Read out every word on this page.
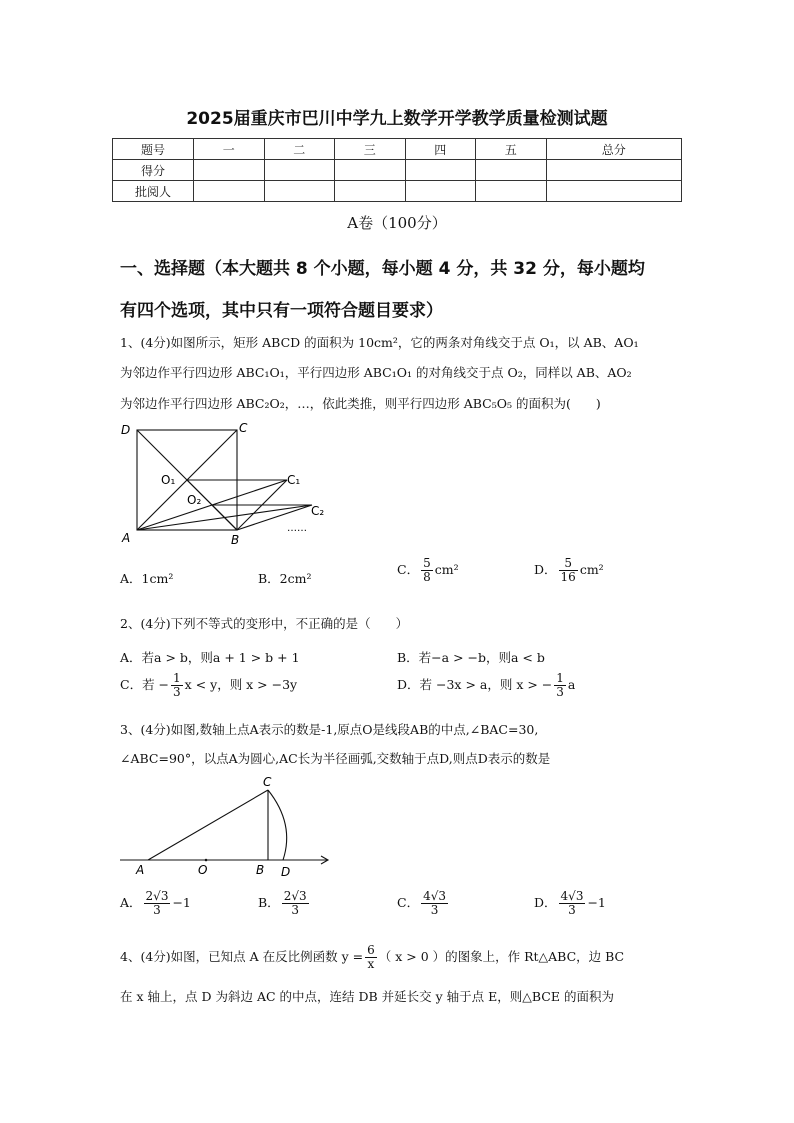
2025届重庆市巴川中学九上数学开学教学质量检测试题
题号	一	二	三	四	五	总分
得分						
批阅人						
A卷（100分）
一、选择题（本大题共 8 个小题，每小题 4 分，共 32 分，每小题均
有四个选项，其中只有一项符合题目要求）
1、(4分)如图所示，矩形 ABCD 的面积为 10cm²，它的两条对角线交于点 O₁，以 AB、AO₁
为邻边作平行四边形 ABC₁O₁，平行四边形 ABC₁O₁ 的对角线交于点 O₂，同样以 AB、AO₂
为邻边作平行四边形 ABC₂O₂，…，依此类推，则平行四边形 ABC₅O₅ 的面积为(　　)
D	C
O₁	C₁
O₂
C₂
A	B
……
A．1cm²	B．2cm²
C． $\frac{5}{8} cm^2$	D． $\frac{5}{16} cm^2$
2、(4分)下列不等式的变形中，不正确的是（　　）
A．若a > b，则a + 1 > b + 1	B．若−a > −b，则a < b
C．若 − $\frac{1}{3}$ x < y，则 x > −3y	D．若 −3x > a，则 x > − $\frac{1}{3}$ a
3、(4分)如图,数轴上点A表示的数是-1,原点O是线段AB的中点,∠BAC=30,
∠ABC=90°，以点A为圆心,AC长为半径画弧,交数轴于点D,则点D表示的数是
C
A	O	B D
A． $\frac{2√3}{3} -1$	B． $\frac{2√3}{3}$	C． $\frac{4√3}{3}$	D． $\frac{4√3}{3} -1$
4、(4分)如图，已知点 A 在反比例函数 $y = \frac{6}{x}$ （ x > 0 ）的图象上，作 Rt△ABC，边 BC
在 x 轴上，点 D 为斜边 AC 的中点，连结 DB 并延长交 y 轴于点 E，则△BCE 的面积为
